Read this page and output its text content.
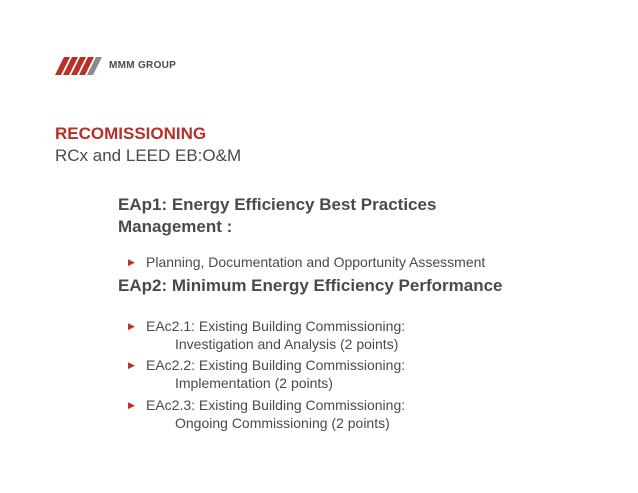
MMM GROUP
RECOMISSIONING
RCx and LEED EB:O&M
EAp1: Energy Efficiency Best Practices
Management :
▶ Planning, Documentation and Opportunity Assessment
EAp2: Minimum Energy Efficiency Performance
▶ EAc2.1: Existing Building Commissioning:
Investigation and Analysis (2 points)
▶ EAc2.2: Existing Building Commissioning:
Implementation (2 points)
▶ EAc2.3: Existing Building Commissioning:
Ongoing Commissioning (2 points)
